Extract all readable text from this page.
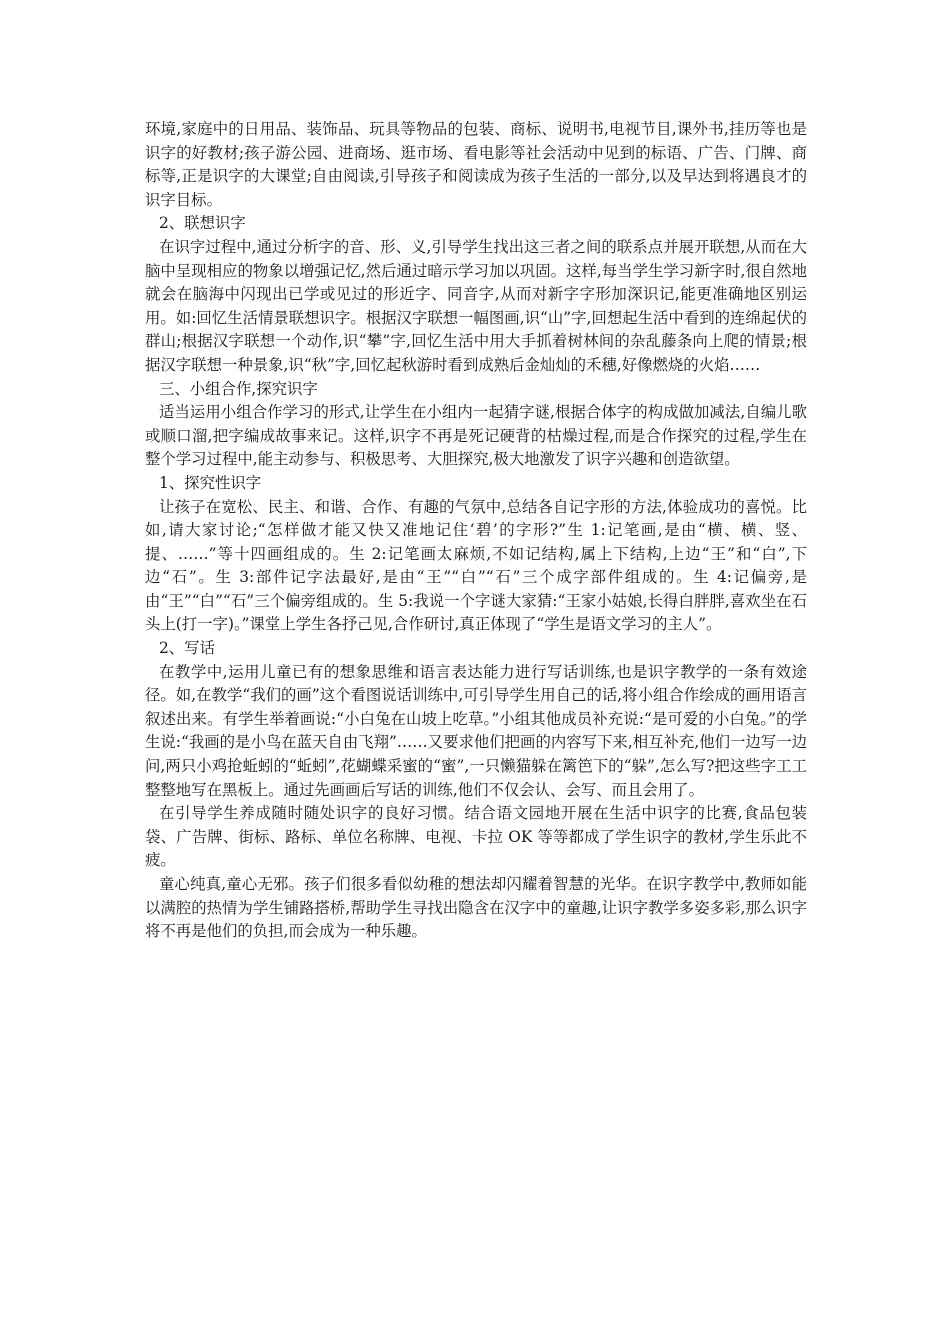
环境,家庭中的日用品、装饰品、玩具等物品的包装、商标、说明书,电视节目,课外书,挂历等也是识字的好教材;孩子游公园、进商场、逛市场、看电影等社会活动中见到的标语、广告、门牌、商标等,正是识字的大课堂;自由阅读,引导孩子和阅读成为孩子生活的一部分,以及早达到将遇良才的识字目标。

2、联想识字

在识字过程中,通过分析字的音、形、义,引导学生找出这三者之间的联系点并展开联想,从而在大脑中呈现相应的物象以增强记忆,然后通过暗示学习加以巩固。这样,每当学生学习新字时,很自然地就会在脑海中闪现出已学或见过的形近字、同音字,从而对新字字形加深识记,能更准确地区别运用。如:回忆生活情景联想识字。根据汉字联想一幅图画,识“山”字,回想起生活中看到的连绵起伏的群山;根据汉字联想一个动作,识“攀”字,回忆生活中用大手抓着树林间的杂乱藤条向上爬的情景;根据汉字联想一种景象,识“秋”字,回忆起秋游时看到成熟后金灿灿的禾穗,好像燃烧的火焰……

三、小组合作,探究识字

适当运用小组合作学习的形式,让学生在小组内一起猜字谜,根据合体字的构成做加减法,自编儿歌或顺口溜,把字编成故事来记。这样,识字不再是死记硬背的枯燥过程,而是合作探究的过程,学生在整个学习过程中,能主动参与、积极思考、大胆探究,极大地激发了识字兴趣和创造欲望。

1、探究性识字

让孩子在宽松、民主、和谐、合作、有趣的气氛中,总结各自记字形的方法,体验成功的喜悦。比如,请大家讨论;“怎样做才能又快又准地记住‘碧’的字形?”生 1:记笔画,是由“横、横、竖、提、……”等十四画组成的。生 2:记笔画太麻烦,不如记结构,属上下结构,上边“王”和“白”,下边“石”。生 3:部件记字法最好,是由“王”“白”“石”三个成字部件组成的。生 4:记偏旁,是由“王”“白”“石”三个偏旁组成的。生 5:我说一个字谜大家猜:“王家小姑娘,长得白胖胖,喜欢坐在石头上(打一字)。”课堂上学生各抒己见,合作研讨,真正体现了“学生是语文学习的主人”。

2、写话

在教学中,运用儿童已有的想象思维和语言表达能力进行写话训练,也是识字教学的一条有效途径。如,在教学“我们的画”这个看图说话训练中,可引导学生用自己的话,将小组合作绘成的画用语言叙述出来。有学生举着画说:“小白兔在山坡上吃草。”小组其他成员补充说:“是可爱的小白兔。”的学生说:“我画的是小鸟在蓝天自由飞翔”……又要求他们把画的内容写下来,相互补充,他们一边写一边问,两只小鸡抢蚯蚓的“蚯蚓”,花蝴蝶采蜜的“蜜”,一只懒猫躲在篱笆下的“躲”,怎么写?把这些字工工整整地写在黑板上。通过先画画后写话的训练,他们不仅会认、会写、而且会用了。

在引导学生养成随时随处识字的良好习惯。结合语文园地开展在生活中识字的比赛,食品包装袋、广告牌、街标、路标、单位名称牌、电视、卡拉 OK 等等都成了学生识字的教材,学生乐此不疲。

童心纯真,童心无邪。孩子们很多看似幼稚的想法却闪耀着智慧的光华。在识字教学中,教师如能以满腔的热情为学生铺路搭桥,帮助学生寻找出隐含在汉字中的童趣,让识字教学多姿多彩,那么识字将不再是他们的负担,而会成为一种乐趣。
